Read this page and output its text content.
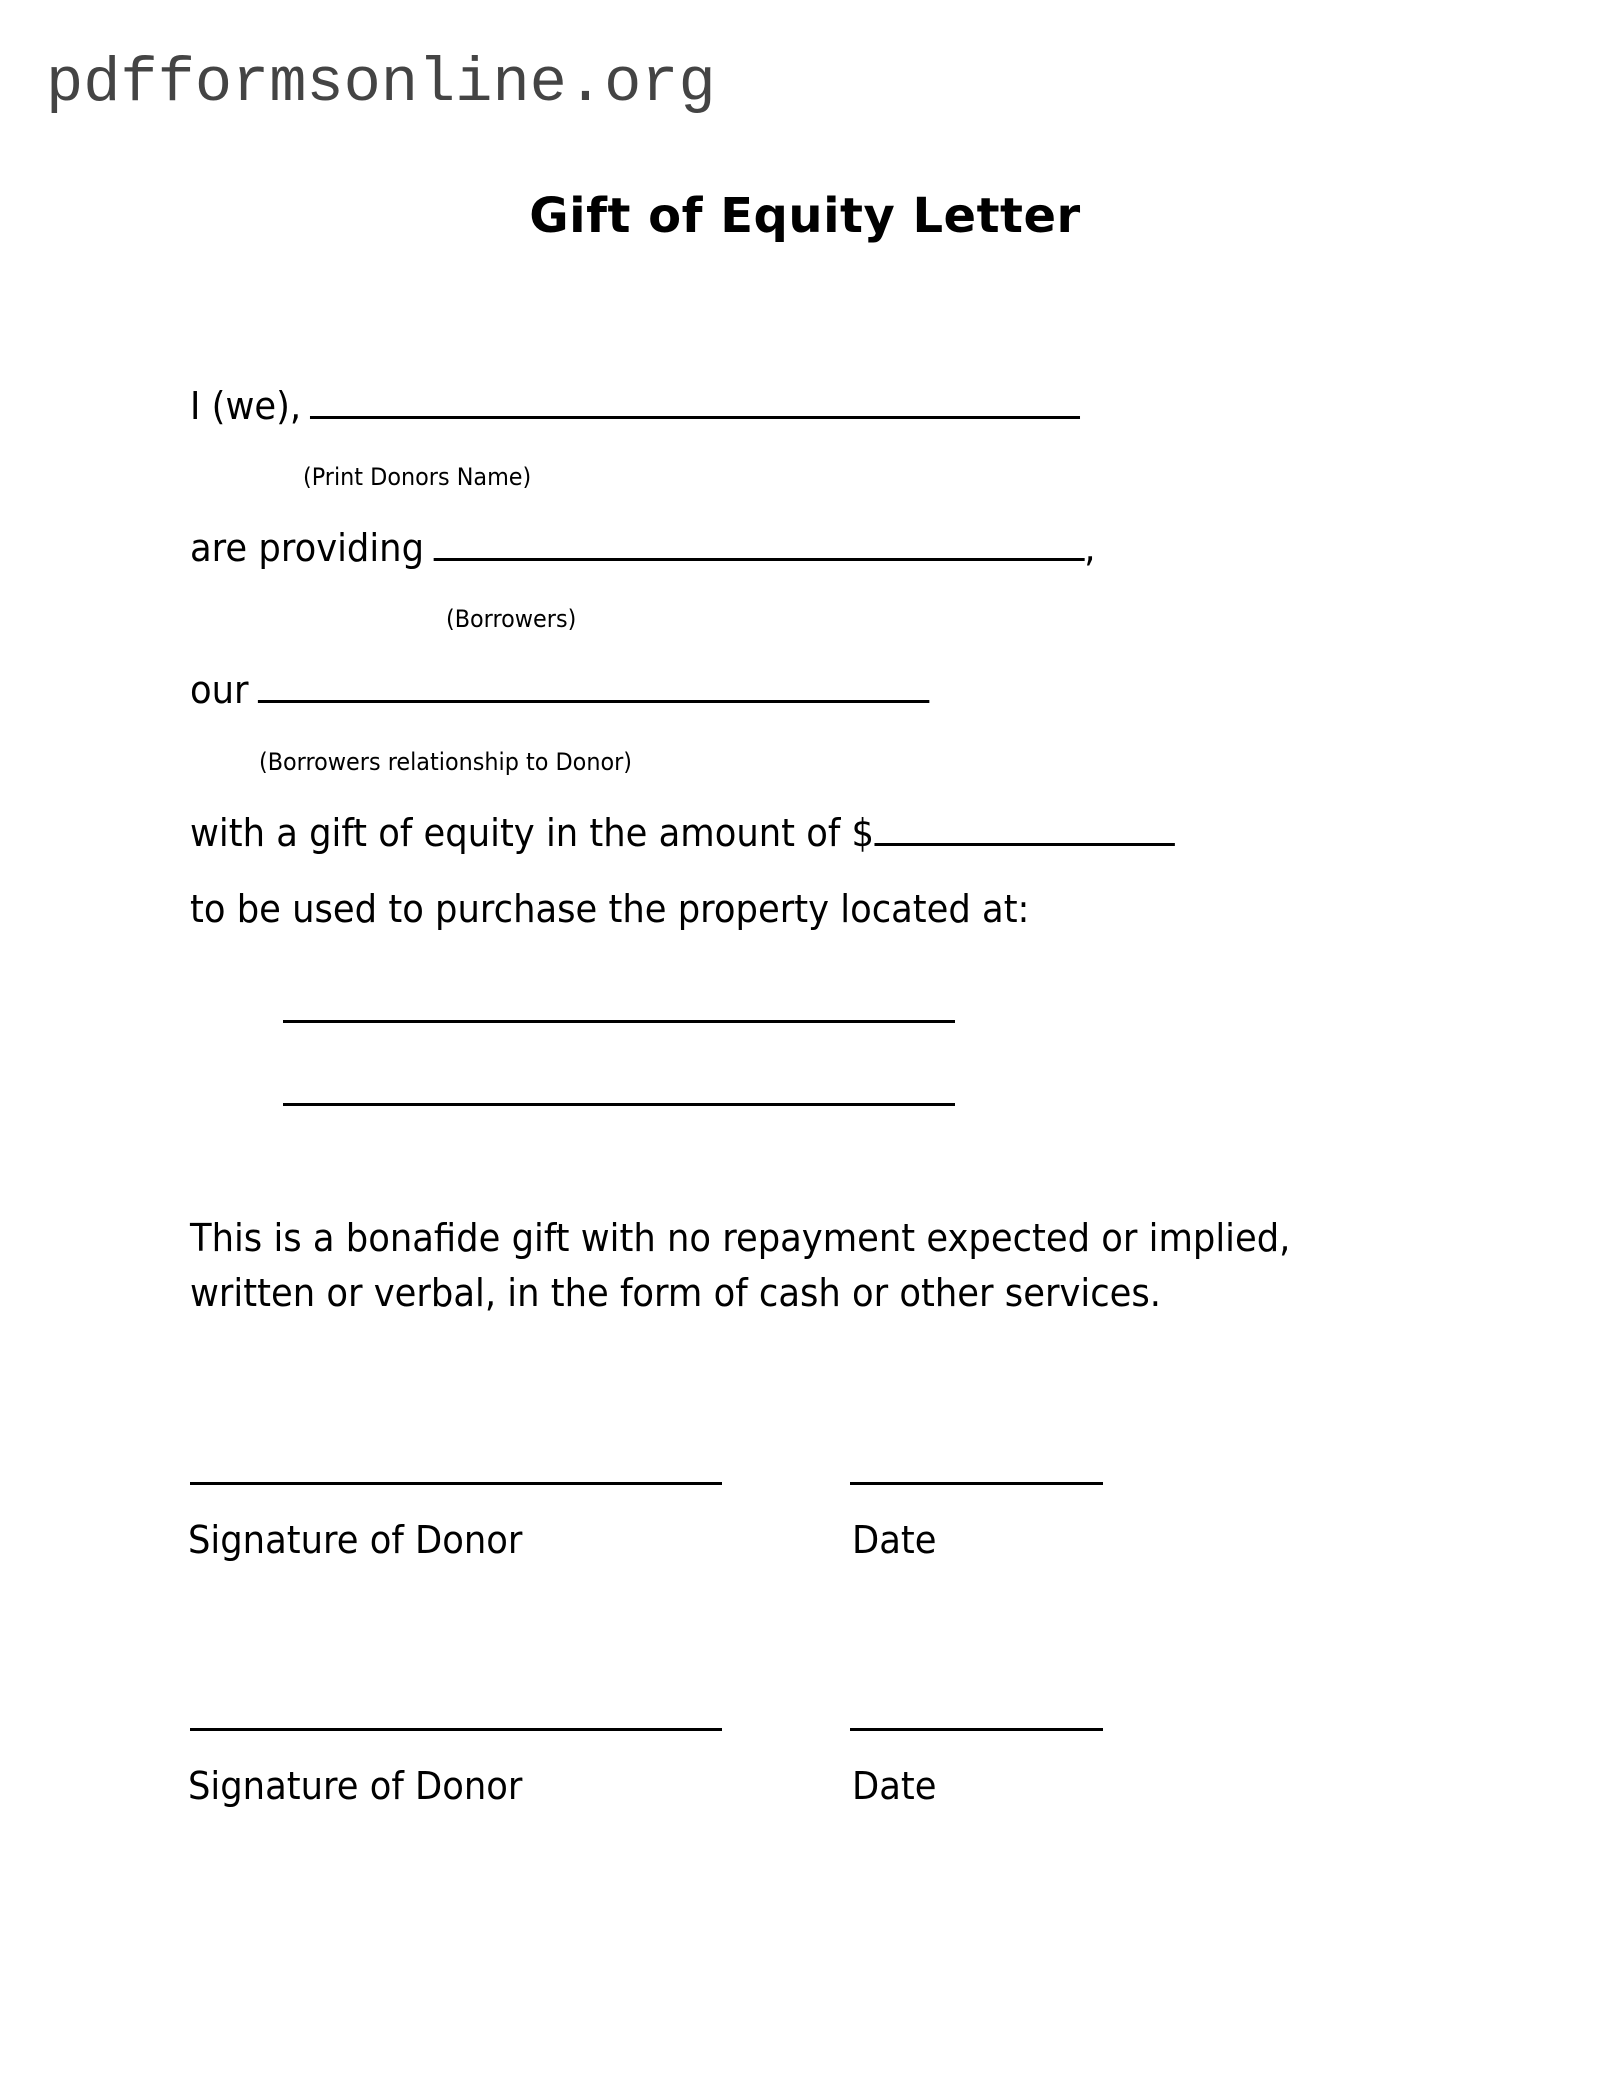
pdfformsonline.org
Gift of Equity Letter
I (we),
(Print Donors Name)
are providing	,
(Borrowers)
our
(Borrowers relationship to Donor)
with a gift of equity in the amount of $
to be used to purchase the property located at:
This is a bonafide gift with no repayment expected or implied,
written or verbal, in the form of cash or other services.
Signature of Donor	Date
Signature of Donor	Date
